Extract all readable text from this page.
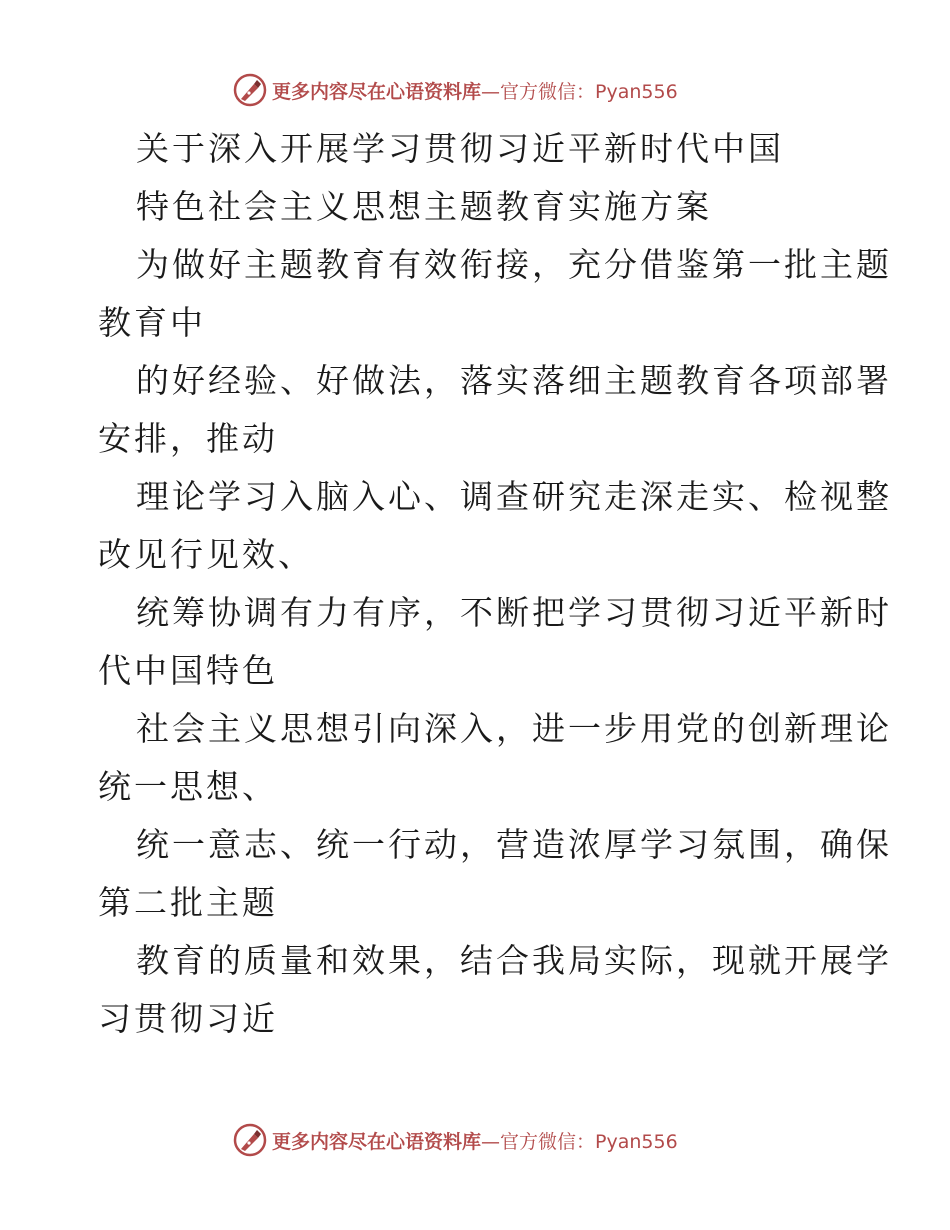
更多内容尽在心语资料库—官方微信：Pyan556
关于深入开展学习贯彻习近平新时代中国
特色社会主义思想主题教育实施方案
为做好主题教育有效衔接，充分借鉴第一批主题
教育中
的好经验、好做法，落实落细主题教育各项部署
安排，推动
理论学习入脑入心、调查研究走深走实、检视整
改见行见效、
统筹协调有力有序，不断把学习贯彻习近平新时
代中国特色
社会主义思想引向深入，进一步用党的创新理论
统一思想、
统一意志、统一行动，营造浓厚学习氛围，确保
第二批主题
教育的质量和效果，结合我局实际，现就开展学
习贯彻习近
更多内容尽在心语资料库—官方微信：Pyan556
